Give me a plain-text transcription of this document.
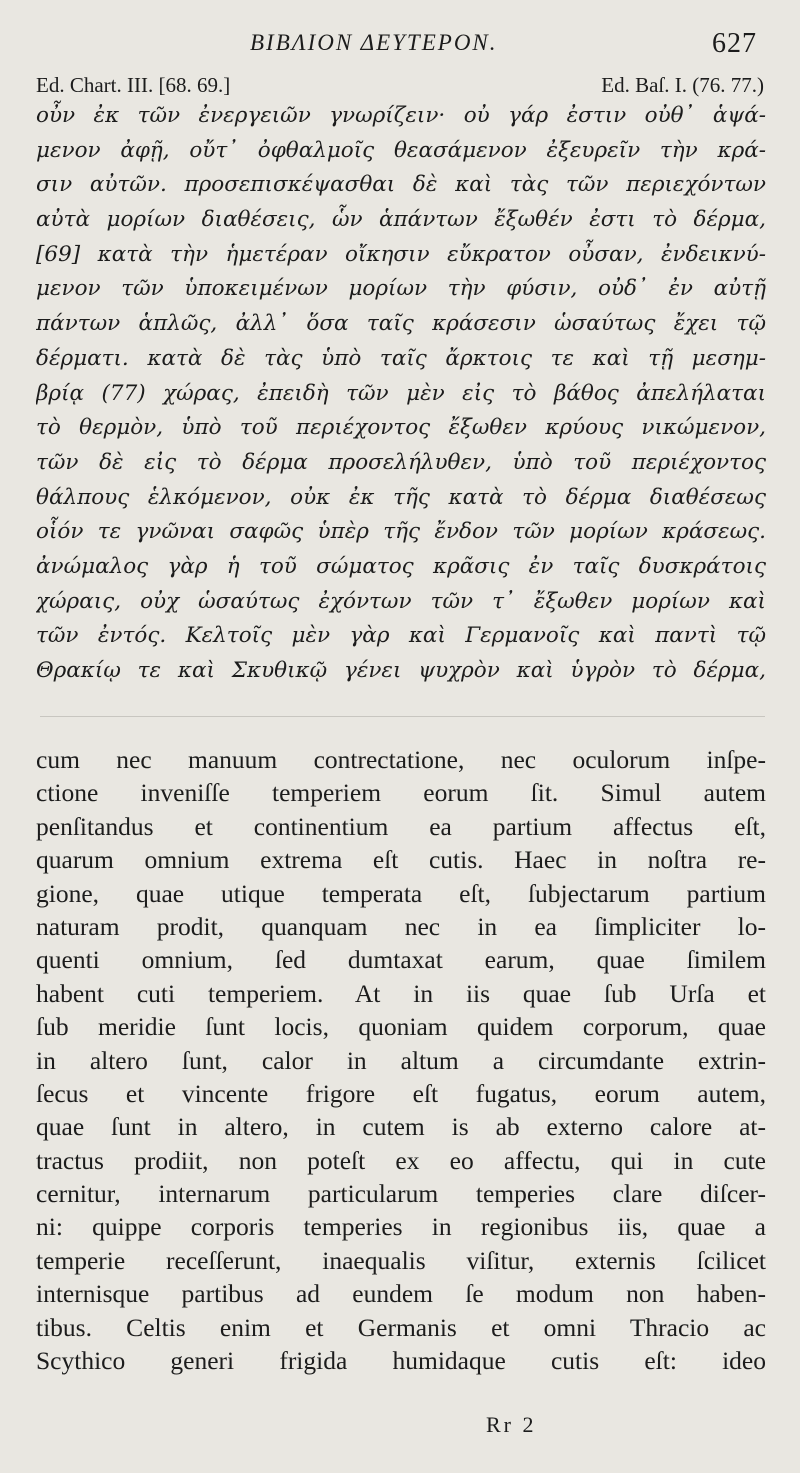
ΒΙΒΛΙΟΝ ΔΕΥΤΕΡΟΝ.	627
Ed. Chart. III. [68. 69.]	Ed. Baſ. I. (76. 77.)
οὖν ἐκ τῶν ἐνεργειῶν γνωρίζειν· οὐ γάρ ἐστιν οὐθ᾽ ἁψά-
μενον ἀφῇ, οὔτ᾽ ὀφθαλμοῖς θεασάμενον ἐξευρεῖν τὴν κρά-
σιν αὐτῶν. προσεπισκέψασθαι δὲ καὶ τὰς τῶν περιεχόντων
αὐτὰ μορίων διαθέσεις, ὧν ἁπάντων ἔξωθέν ἐστι τὸ δέρμα,
[69] κατὰ τὴν ἡμετέραν οἴκησιν εὔκρατον οὖσαν, ἐνδεικνύ-
μενον τῶν ὑποκειμένων μορίων τὴν φύσιν, οὐδ᾽ ἐν αὐτῇ
πάντων ἁπλῶς, ἀλλ᾽ ὅσα ταῖς κράσεσιν ὡσαύτως ἔχει τῷ
δέρματι. κατὰ δὲ τὰς ὑπὸ ταῖς ἄρκτοις τε καὶ τῇ μεσημ-
βρίᾳ (77) χώρας, ἐπειδὴ τῶν μὲν εἰς τὸ βάθος ἀπελήλαται
τὸ θερμὸν, ὑπὸ τοῦ περιέχοντος ἔξωθεν κρύους νικώμενον,
τῶν δὲ εἰς τὸ δέρμα προσελήλυθεν, ὑπὸ τοῦ περιέχοντος
θάλπους ἑλκόμενον, οὐκ ἐκ τῆς κατὰ τὸ δέρμα διαθέσεως
οἷόν τε γνῶναι σαφῶς ὑπὲρ τῆς ἔνδον τῶν μορίων κράσεως.
ἀνώμαλος γὰρ ἡ τοῦ σώματος κρᾶσις ἐν ταῖς δυσκράτοις
χώραις, οὐχ ὡσαύτως ἐχόντων τῶν τ᾽ ἔξωθεν μορίων καὶ
τῶν ἐντός. Κελτοῖς μὲν γὰρ καὶ Γερμανοῖς καὶ παντὶ τῷ
Θρακίῳ τε καὶ Σκυθικῷ γένει ψυχρὸν καὶ ὑγρὸν τὸ δέρμα,
cum nec manuum contrectatione, nec oculorum inſpe-
ctione inveniſſe temperiem eorum ſit. Simul autem
penſitandus et continentium ea partium affectus eſt,
quarum omnium extrema eſt cutis. Haec in noſtra re-
gione, quae utique temperata eſt, ſubjectarum partium
naturam prodit, quanquam nec in ea ſimpliciter lo-
quenti omnium, ſed dumtaxat earum, quae ſimilem
habent cuti temperiem. At in iis quae ſub Urſa et
ſub meridie ſunt locis, quoniam quidem corporum, quae
in altero ſunt, calor in altum a circumdante extrin-
ſecus et vincente frigore eſt fugatus, eorum autem,
quae ſunt in altero, in cutem is ab externo calore at-
tractus prodiit, non poteſt ex eo affectu, qui in cute
cernitur, internarum particularum temperies clare diſcer-
ni: quippe corporis temperies in regionibus iis, quae a
temperie receſſerunt, inaequalis viſitur, externis ſcilicet
internisque partibus ad eundem ſe modum non haben-
tibus. Celtis enim et Germanis et omni Thracio ac
Scythico generi frigida humidaque cutis eſt: ideo
Rr 2
